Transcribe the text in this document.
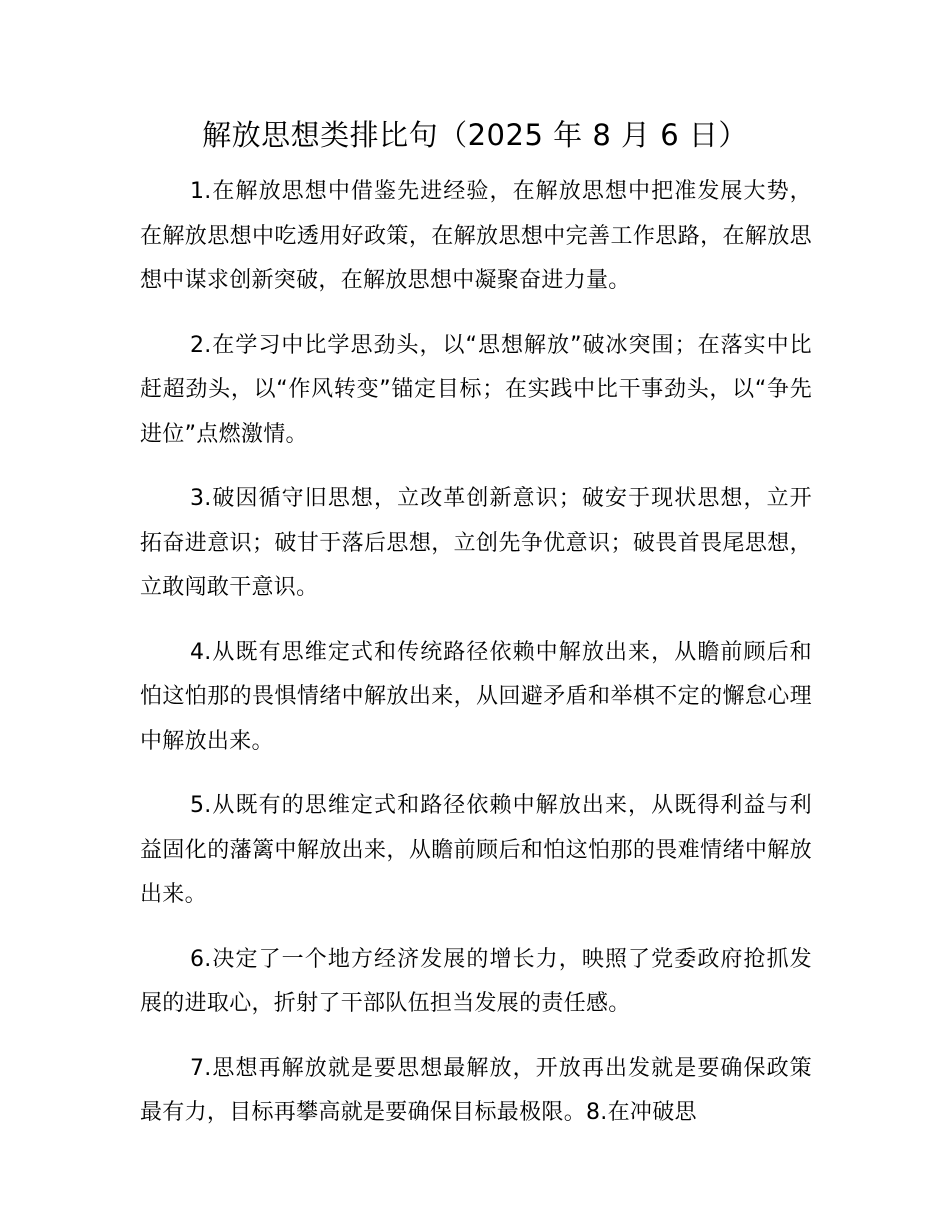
解放思想类排比句（2025 年 8 月 6 日）

1.在解放思想中借鉴先进经验，在解放思想中把准发展大势，在解放思想中吃透用好政策，在解放思想中完善工作思路，在解放思想中谋求创新突破，在解放思想中凝聚奋进力量。

2.在学习中比学思劲头，以“思想解放”破冰突围；在落实中比赶超劲头，以“作风转变”锚定目标；在实践中比干事劲头，以“争先进位”点燃激情。

3.破因循守旧思想，立改革创新意识；破安于现状思想，立开拓奋进意识；破甘于落后思想，立创先争优意识；破畏首畏尾思想，立敢闯敢干意识。

4.从既有思维定式和传统路径依赖中解放出来，从瞻前顾后和怕这怕那的畏惧情绪中解放出来，从回避矛盾和举棋不定的懈怠心理中解放出来。

5.从既有的思维定式和路径依赖中解放出来，从既得利益与利益固化的藩篱中解放出来，从瞻前顾后和怕这怕那的畏难情绪中解放出来。

6.决定了一个地方经济发展的增长力，映照了党委政府抢抓发展的进取心，折射了干部队伍担当发展的责任感。

7.思想再解放就是要思想最解放，开放再出发就是要确保政策最有力，目标再攀高就是要确保目标最极限。8.在冲破思
